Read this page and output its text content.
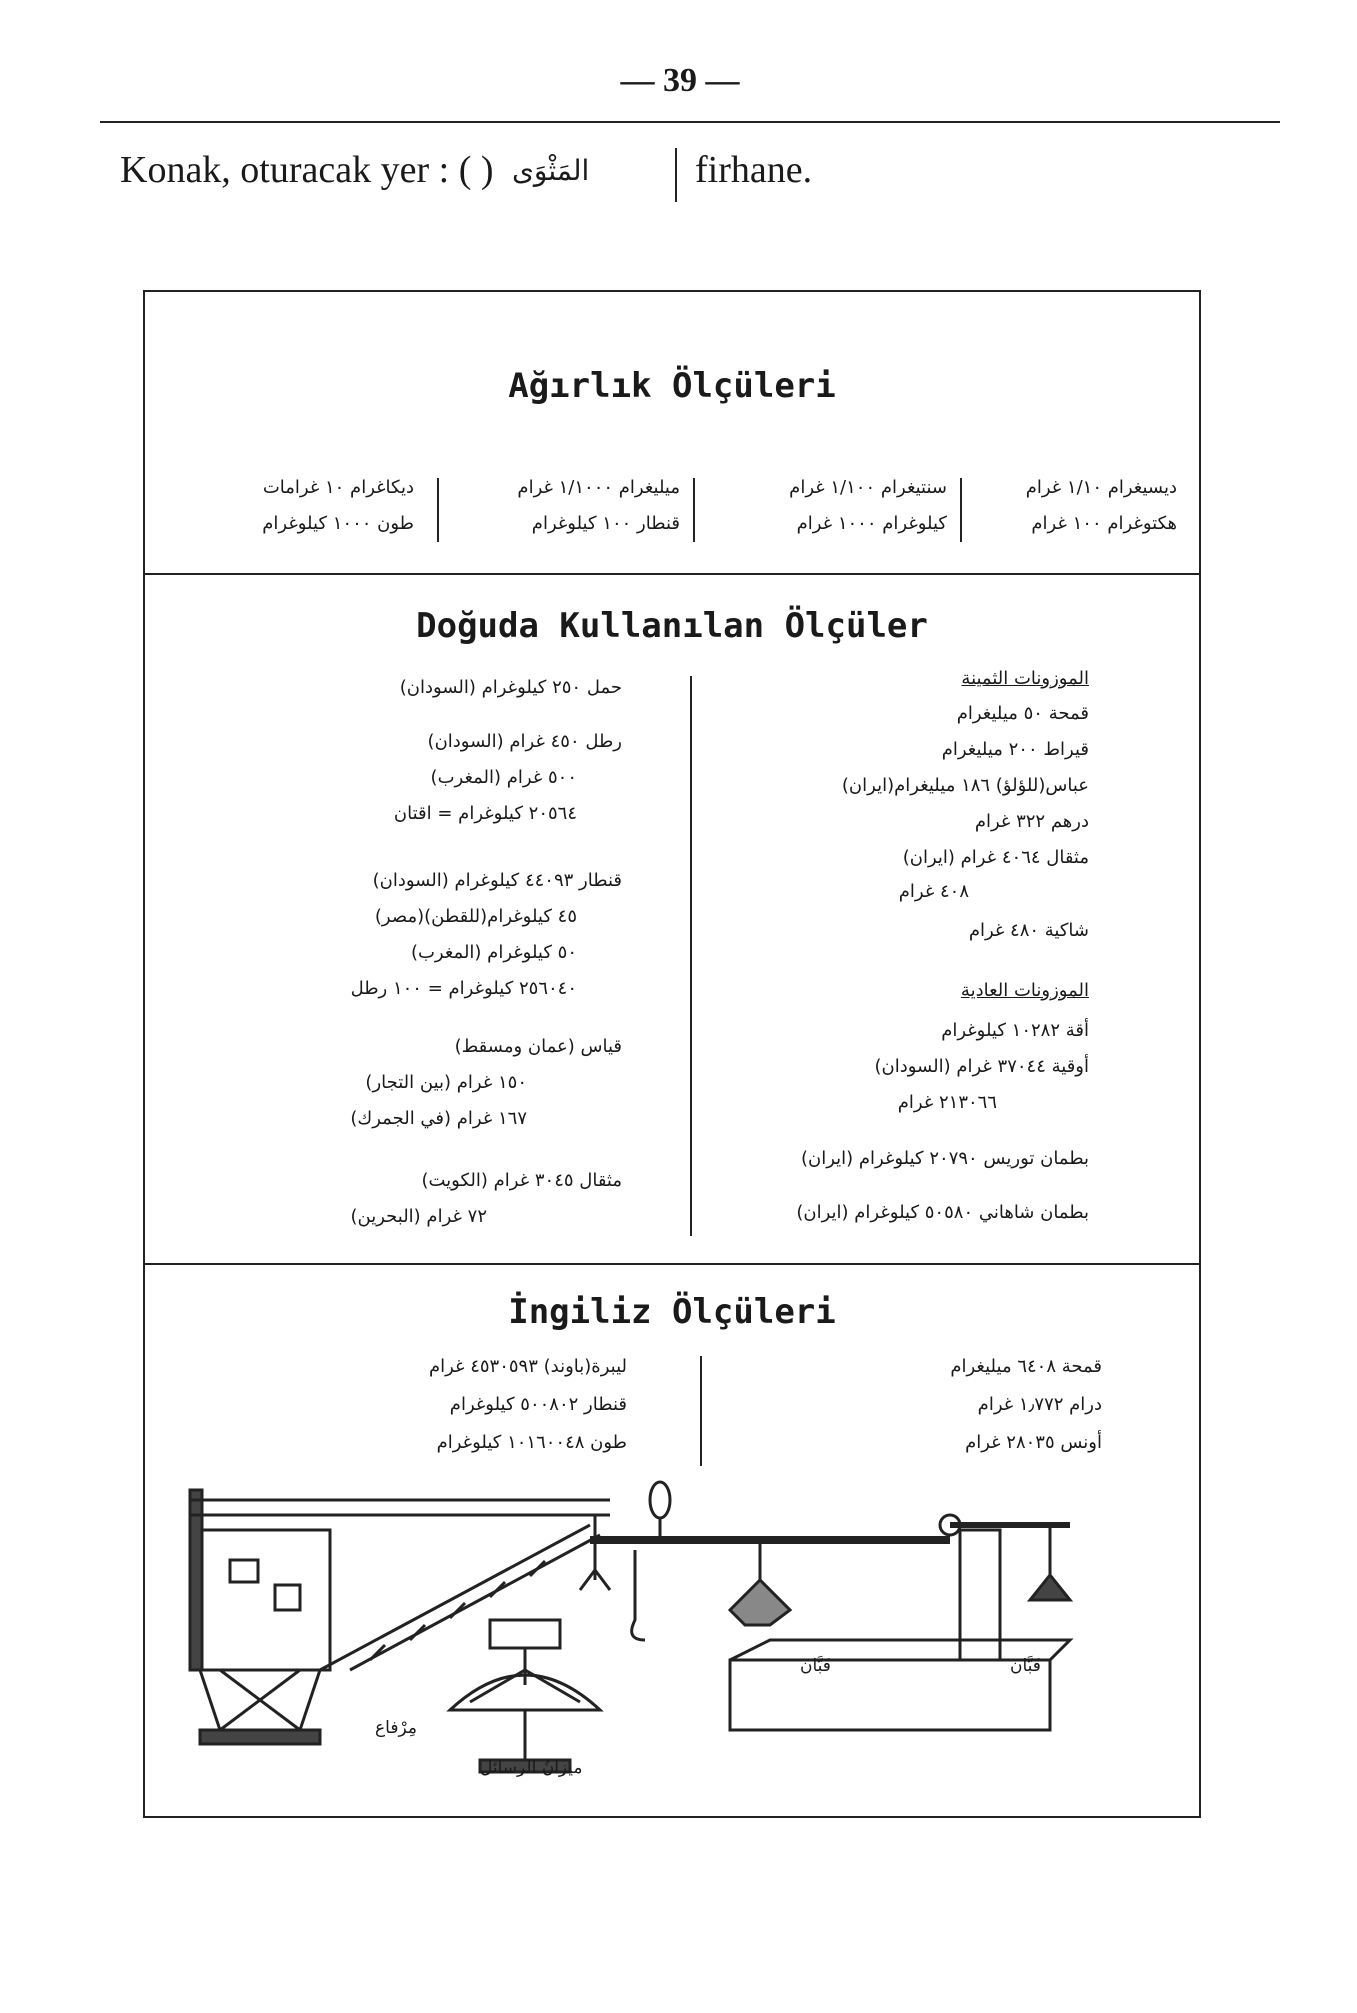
— 39 —
Konak, oturacak yer : ( ) المَثْوَى	firhane.
Ağırlık Ölçüleri
ديسيغرام ١/١٠ غرام
هكتوغرام ١٠٠ غرام
سنتيغرام ١/١٠٠ غرام
كيلوغرام ١٠٠٠ غرام
ميليغرام ١/١٠٠٠ غرام
قنطار ١٠٠ كيلوغرام
ديكاغرام ١٠ غرامات
طون ١٠٠٠ كيلوغرام
Doğuda Kullanılan Ölçüler
الموزونات الثمينة
قمحة ٥٠ ميليغرام
قيراط ٢٠٠ ميليغرام
عباس(للؤلؤ) ١٨٦ ميليغرام(ايران)
درهم ٣٢٢ غرام
مثقال ٤٠٦٤ غرام (ايران)
٤٠٨ غرام
شاكية ٤٨٠ غرام
الموزونات العادية
أقة ١٠٢٨٢ كيلوغرام
أوقية ٣٧٠٤٤ غرام (السودان)
٢١٣٠٦٦ غرام
بطمان توريس ٢٠٧٩٠ كيلوغرام (ايران)
بطمان شاهاني ٥٠٥٨٠ كيلوغرام (ايران)
حمل ٢٥٠ كيلوغرام (السودان)
رطل ٤٥٠ غرام (السودان)
٥٠٠ غرام (المغرب)
٢٠٥٦٤ كيلوغرام = اقتان
قنطار ٤٤٠٩٣ كيلوغرام (السودان)
٤٥ كيلوغرام(للقطن)(مصر)
٥٠ كيلوغرام (المغرب)
٢٥٦٠٤٠ كيلوغرام = ١٠٠ رطل
قياس (عمان ومسقط)
١٥٠ غرام (بين التجار)
١٦٧ غرام (في الجمرك)
مثقال ٣٠٤٥ غرام (الكويت)
٧٢ غرام (البحرين)
İngiliz Ölçüleri
قمحة ٦٤٠٨ ميليغرام
درام ١٫٧٧٢ غرام
أونس ٢٨٠٣٥ غرام
ليبرة(باوند) ٤٥٣٠٥٩٣ غرام
قنطار ٥٠٠٨٠٢ كيلوغرام
طون ١٠١٦٠٠٤٨ كيلوغرام
مِرْفاع
ميزانُ الرسائل
قَبَّان	قَبَّان
